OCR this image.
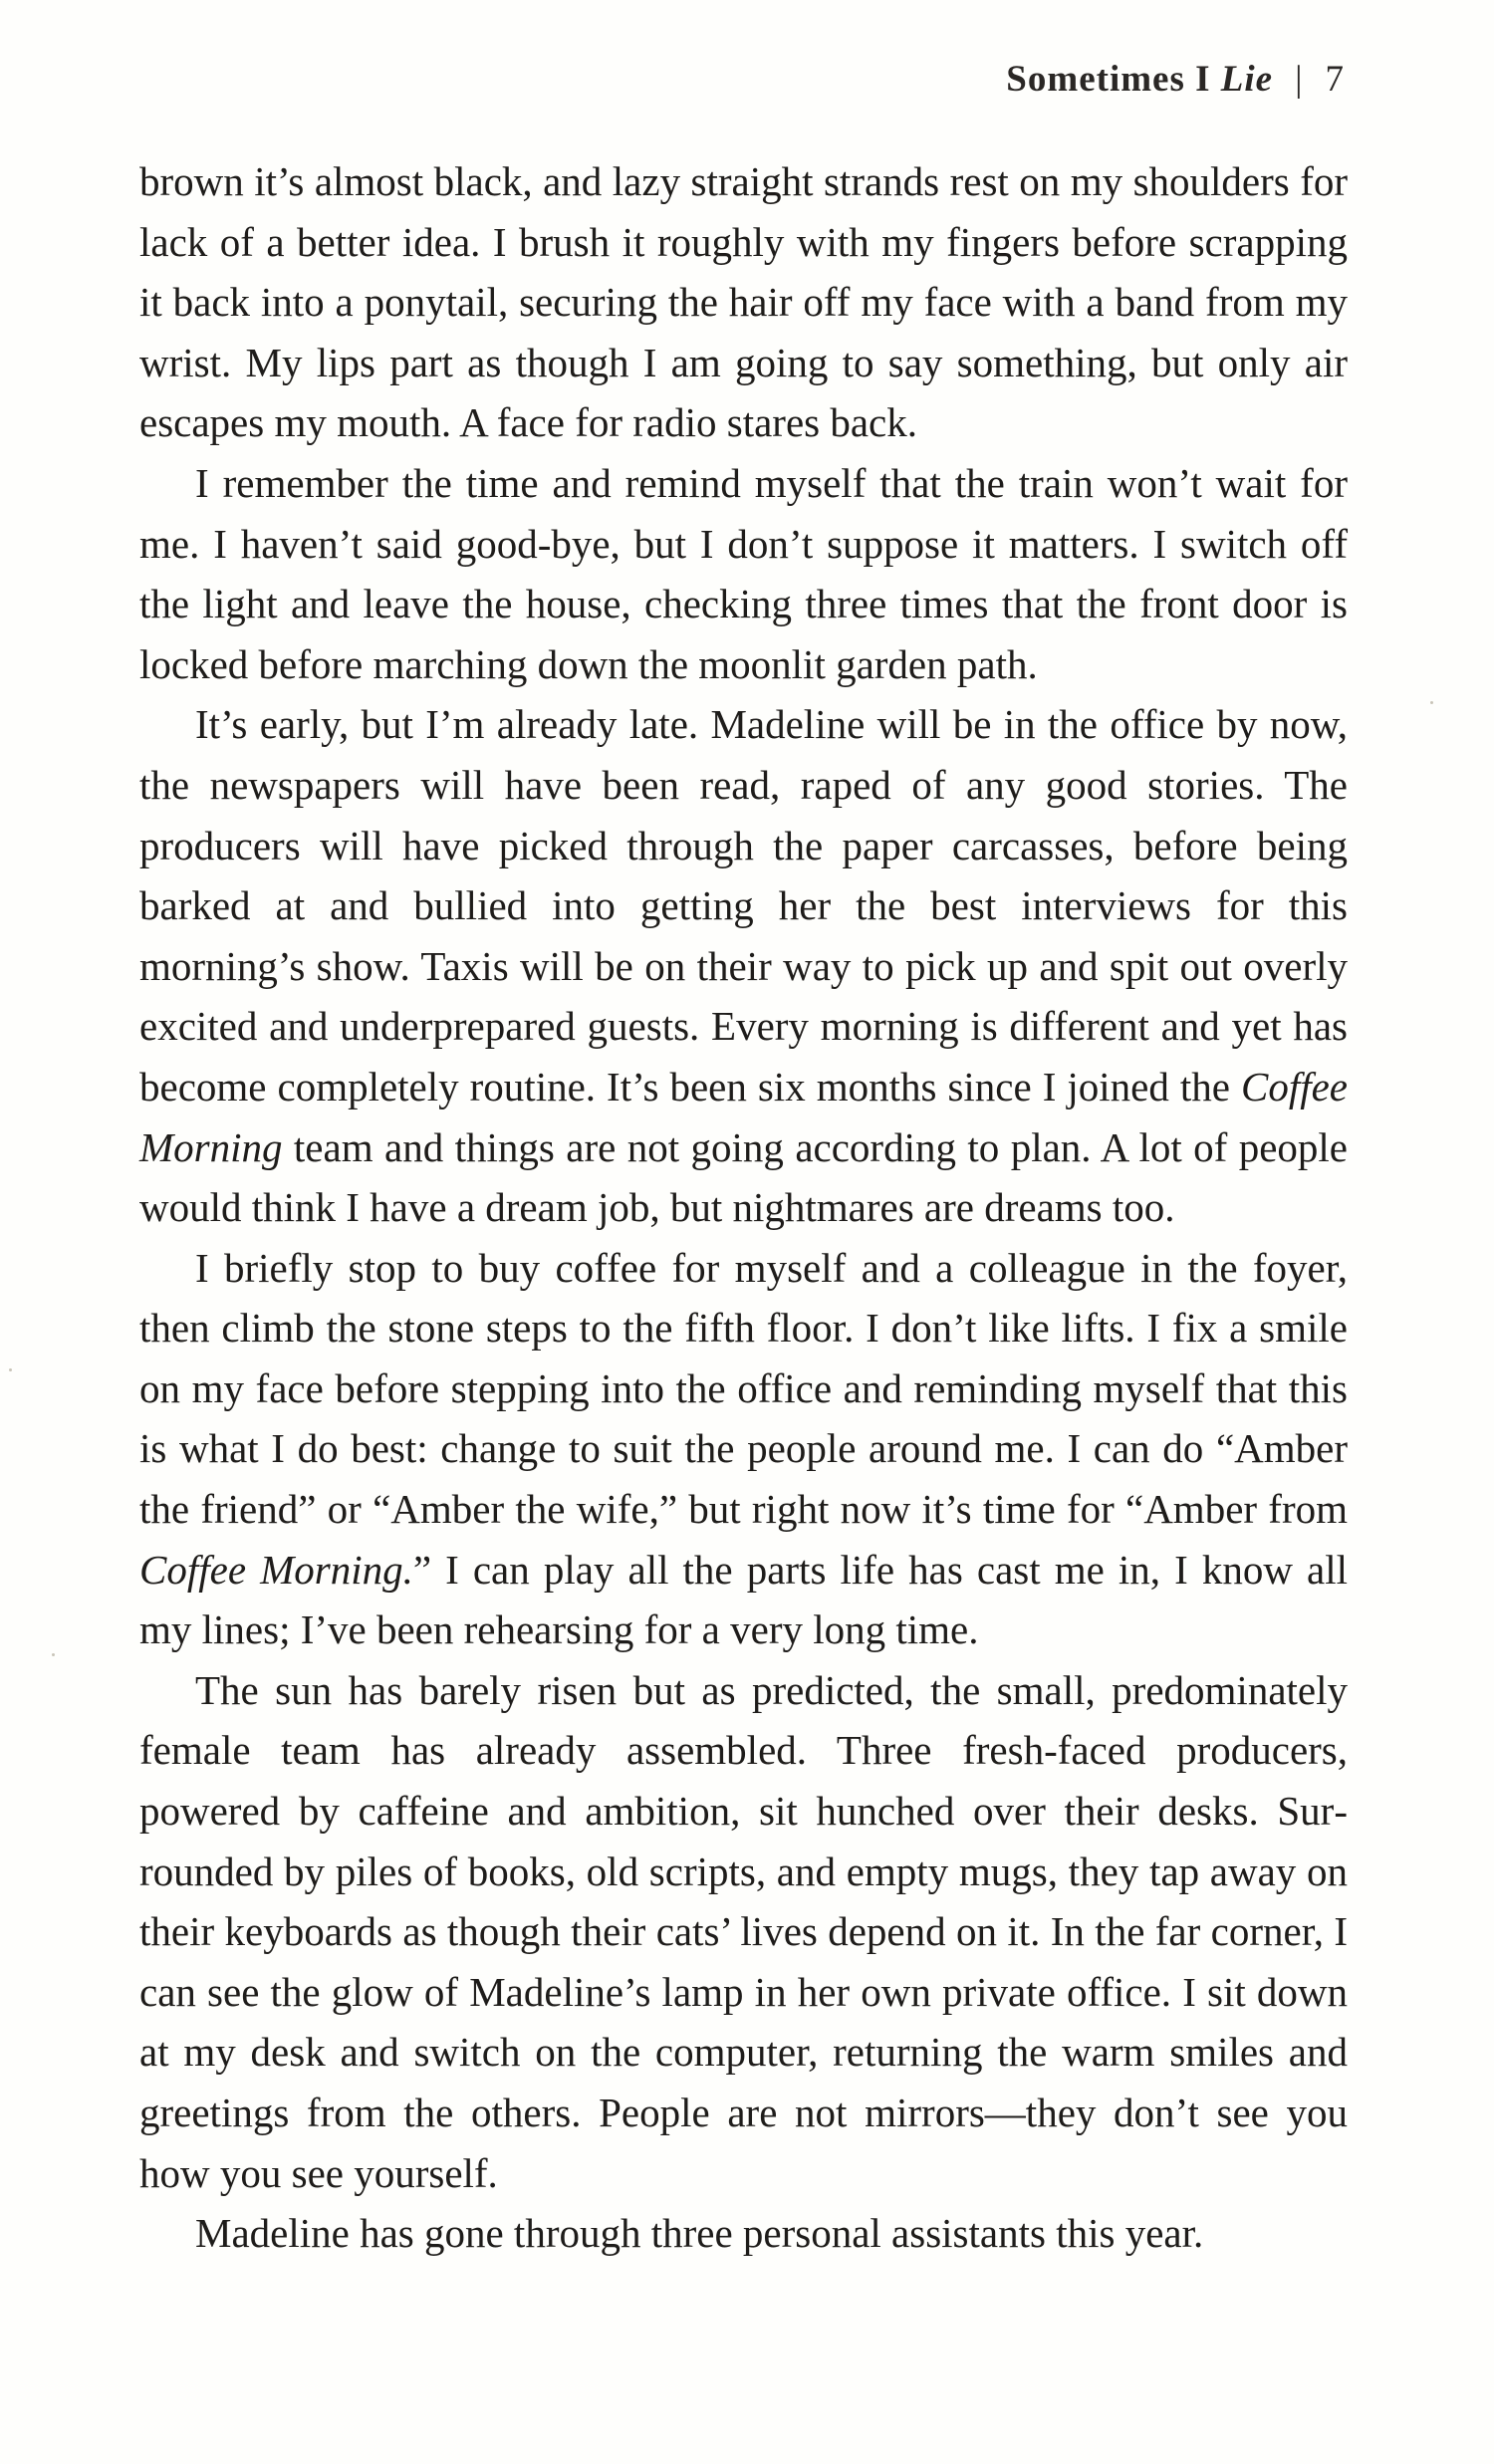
Sometimes I Lie | 7

brown it’s almost black, and lazy straight strands rest on my shoulders for lack of a better idea. I brush it roughly with my fingers before scrapping it back into a ponytail, securing the hair off my face with a band from my wrist. My lips part as though I am going to say something, but only air escapes my mouth. A face for radio stares back.

I remember the time and remind myself that the train won’t wait for me. I haven’t said good-bye, but I don’t suppose it matters. I switch off the light and leave the house, checking three times that the front door is locked before marching down the moonlit garden path.

It’s early, but I’m already late. Madeline will be in the office by now, the newspapers will have been read, raped of any good stories. The producers will have picked through the paper carcasses, before being barked at and bullied into getting her the best interviews for this morning’s show. Taxis will be on their way to pick up and spit out overly excited and underprepared guests. Every morning is different and yet has become completely routine. It’s been six months since I joined the Coffee Morning team and things are not going according to plan. A lot of people would think I have a dream job, but nightmares are dreams too.

I briefly stop to buy coffee for myself and a colleague in the foyer, then climb the stone steps to the fifth floor. I don’t like lifts. I fix a smile on my face before stepping into the office and reminding myself that this is what I do best: change to suit the people around me. I can do “Amber the friend” or “Amber the wife,” but right now it’s time for “Amber from Coffee Morning.” I can play all the parts life has cast me in, I know all my lines; I’ve been rehearsing for a very long time.

The sun has barely risen but as predicted, the small, predominately female team has already assembled. Three fresh-faced producers, powered by caffeine and ambition, sit hunched over their desks. Surrounded by piles of books, old scripts, and empty mugs, they tap away on their keyboards as though their cats’ lives depend on it. In the far corner, I can see the glow of Madeline’s lamp in her own private office. I sit down at my desk and switch on the computer, returning the warm smiles and greetings from the others. People are not mirrors—they don’t see you how you see yourself.

Madeline has gone through three personal assistants this year.
